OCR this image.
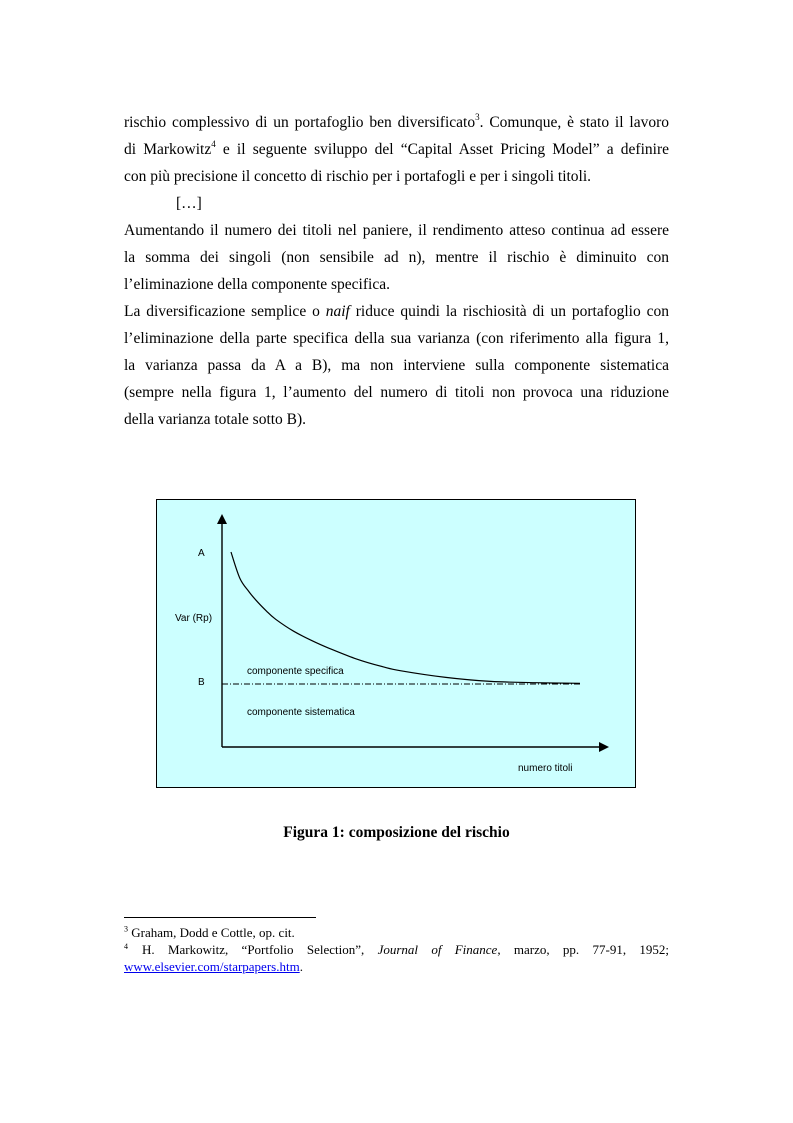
rischio complessivo di un portafoglio ben diversificato$^3$. Comunque, è stato il lavoro
di Markowitz$^4$ e il seguente sviluppo del “Capital Asset Pricing Model” a definire
con più precisione il concetto di rischio per i portafogli e per i singoli titoli.
[…]
Aumentando il numero dei titoli nel paniere, il rendimento atteso continua ad essere
la somma dei singoli (non sensibile ad n), mentre il rischio è diminuito con
l’eliminazione della componente specifica.
La diversificazione semplice o naif riduce quindi la rischiosità di un portafoglio con
l’eliminazione della parte specifica della sua varianza (con riferimento alla figura 1,
la varianza passa da A a B), ma non interviene sulla componente sistematica
(sempre nella figura 1, l’aumento del numero di titoli non provoca una riduzione
della varianza totale sotto B).
A
Var (Rp)
componente specifica
B
componente sistematica
numero titoli
Figura 1: composizione del rischio
$^3$ Graham, Dodd e Cottle, op. cit.
$^4$ H. Markowitz, “Portfolio Selection”, Journal of Finance, marzo, pp. 77-91, 1952;
www.elsevier.com/starpapers.htm.
